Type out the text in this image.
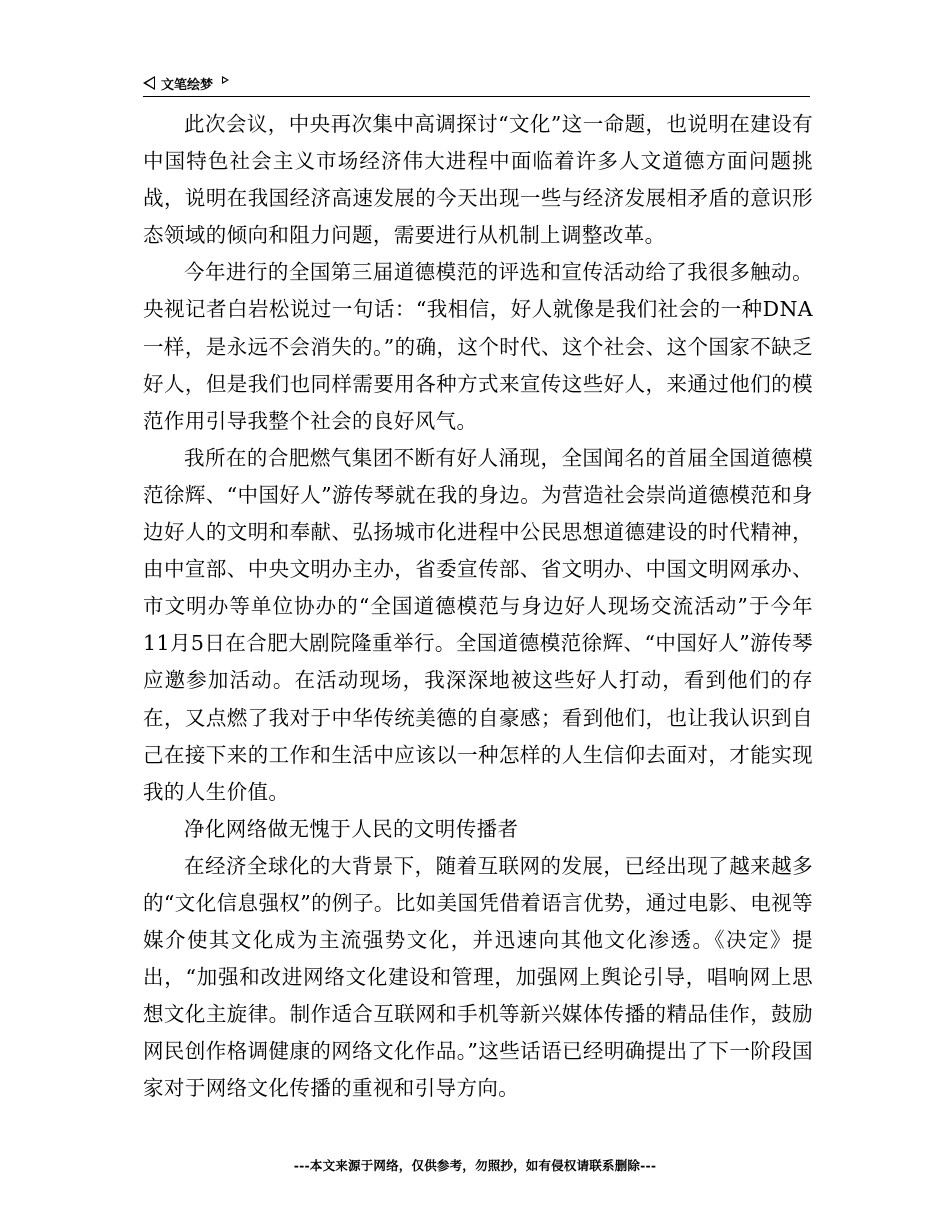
文笔绘梦

此次会议，中央再次集中高调探讨“文化”这一命题，也说明在建设有中国特色社会主义市场经济伟大进程中面临着许多人文道德方面问题挑战，说明在我国经济高速发展的今天出现一些与经济发展相矛盾的意识形态领域的倾向和阻力问题，需要进行从机制上调整改革。

今年进行的全国第三届道德模范的评选和宣传活动给了我很多触动。央视记者白岩松说过一句话：“我相信，好人就像是我们社会的一种DNA一样，是永远不会消失的。”的确，这个时代、这个社会、这个国家不缺乏好人，但是我们也同样需要用各种方式来宣传这些好人，来通过他们的模范作用引导我整个社会的良好风气。

我所在的合肥燃气集团不断有好人涌现，全国闻名的首届全国道德模范徐辉、“中国好人”游传琴就在我的身边。为营造社会崇尚道德模范和身边好人的文明和奉献、弘扬城市化进程中公民思想道德建设的时代精神，由中宣部、中央文明办主办，省委宣传部、省文明办、中国文明网承办、市文明办等单位协办的“全国道德模范与身边好人现场交流活动”于今年11月5日在合肥大剧院隆重举行。全国道德模范徐辉、“中国好人”游传琴应邀参加活动。在活动现场，我深深地被这些好人打动，看到他们的存在，又点燃了我对于中华传统美德的自豪感；看到他们，也让我认识到自己在接下来的工作和生活中应该以一种怎样的人生信仰去面对，才能实现我的人生价值。

净化网络做无愧于人民的文明传播者

在经济全球化的大背景下，随着互联网的发展，已经出现了越来越多的“文化信息强权”的例子。比如美国凭借着语言优势，通过电影、电视等媒介使其文化成为主流强势文化，并迅速向其他文化渗透。《决定》提出，“加强和改进网络文化建设和管理，加强网上舆论引导，唱响网上思想文化主旋律。制作适合互联网和手机等新兴媒体传播的精品佳作，鼓励网民创作格调健康的网络文化作品。”这些话语已经明确提出了下一阶段国家对于网络文化传播的重视和引导方向。

---本文来源于网络，仅供参考，勿照抄，如有侵权请联系删除---
